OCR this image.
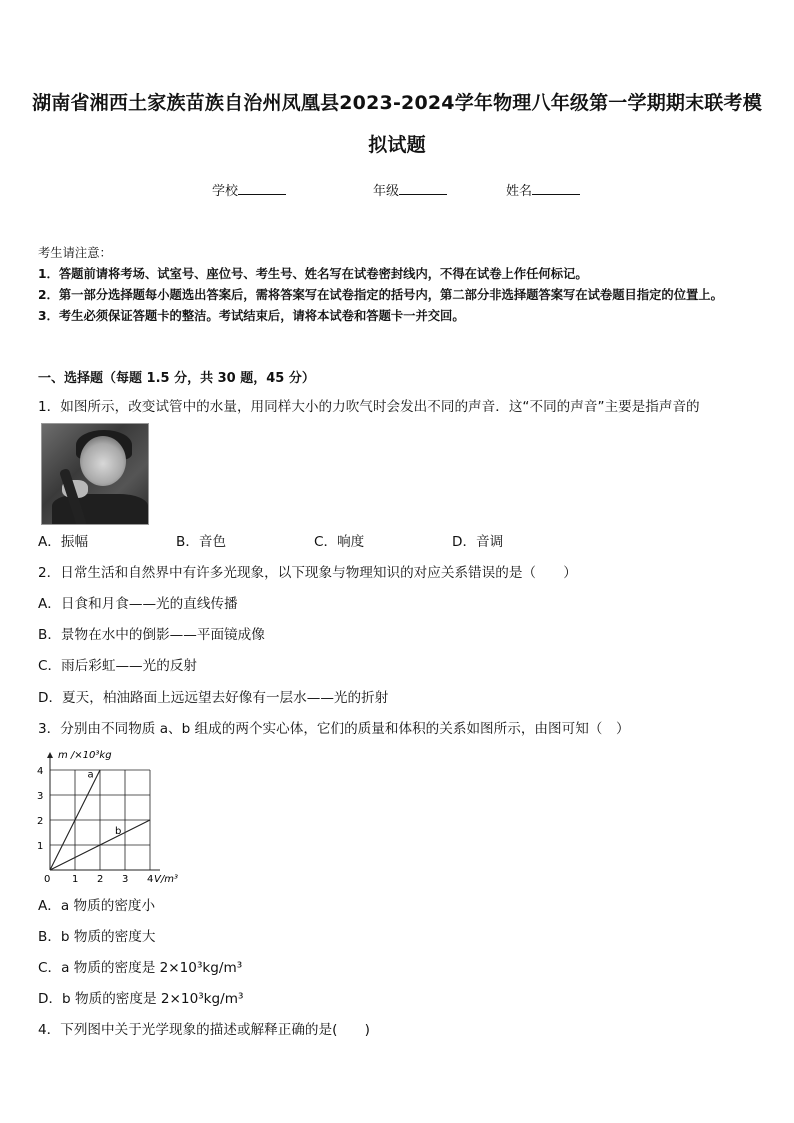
湖南省湘西土家族苗族自治州凤凰县2023-2024学年物理八年级第一学期期末联考模
拟试题
学校	年级	姓名
考生请注意：
1．答题前请将考场、试室号、座位号、考生号、姓名写在试卷密封线内，不得在试卷上作任何标记。
2．第一部分选择题每小题选出答案后，需将答案写在试卷指定的括号内，第二部分非选择题答案写在试卷题目指定的位置上。
3．考生必须保证答题卡的整洁。考试结束后，请将本试卷和答题卡一并交回。
一、选择题（每题 1.5 分，共 30 题，45 分）
1．如图所示，改变试管中的水量，用同样大小的力吹气时会发出不同的声音．这“不同的声音”主要是指声音的
A．振幅	B．音色	C．响度	D．音调
2．日常生活和自然界中有许多光现象，以下现象与物理知识的对应关系错误的是（　　）
A．日食和月食——光的直线传播
B．景物在水中的倒影——平面镜成像
C．雨后彩虹——光的反射
D．夏天，柏油路面上远远望去好像有一层水——光的折射
3．分别由不同物质 a、b 组成的两个实心体，它们的质量和体积的关系如图所示，由图可知（　）
a
b
0 1 2 3 4
1
2
3
4
m /×10³kg
V/m³
A．a 物质的密度小
B．b 物质的密度大
C．a 物质的密度是 2×10³kg/m³
D．b 物质的密度是 2×10³kg/m³
4．下列图中关于光学现象的描述或解释正确的是(　　)
